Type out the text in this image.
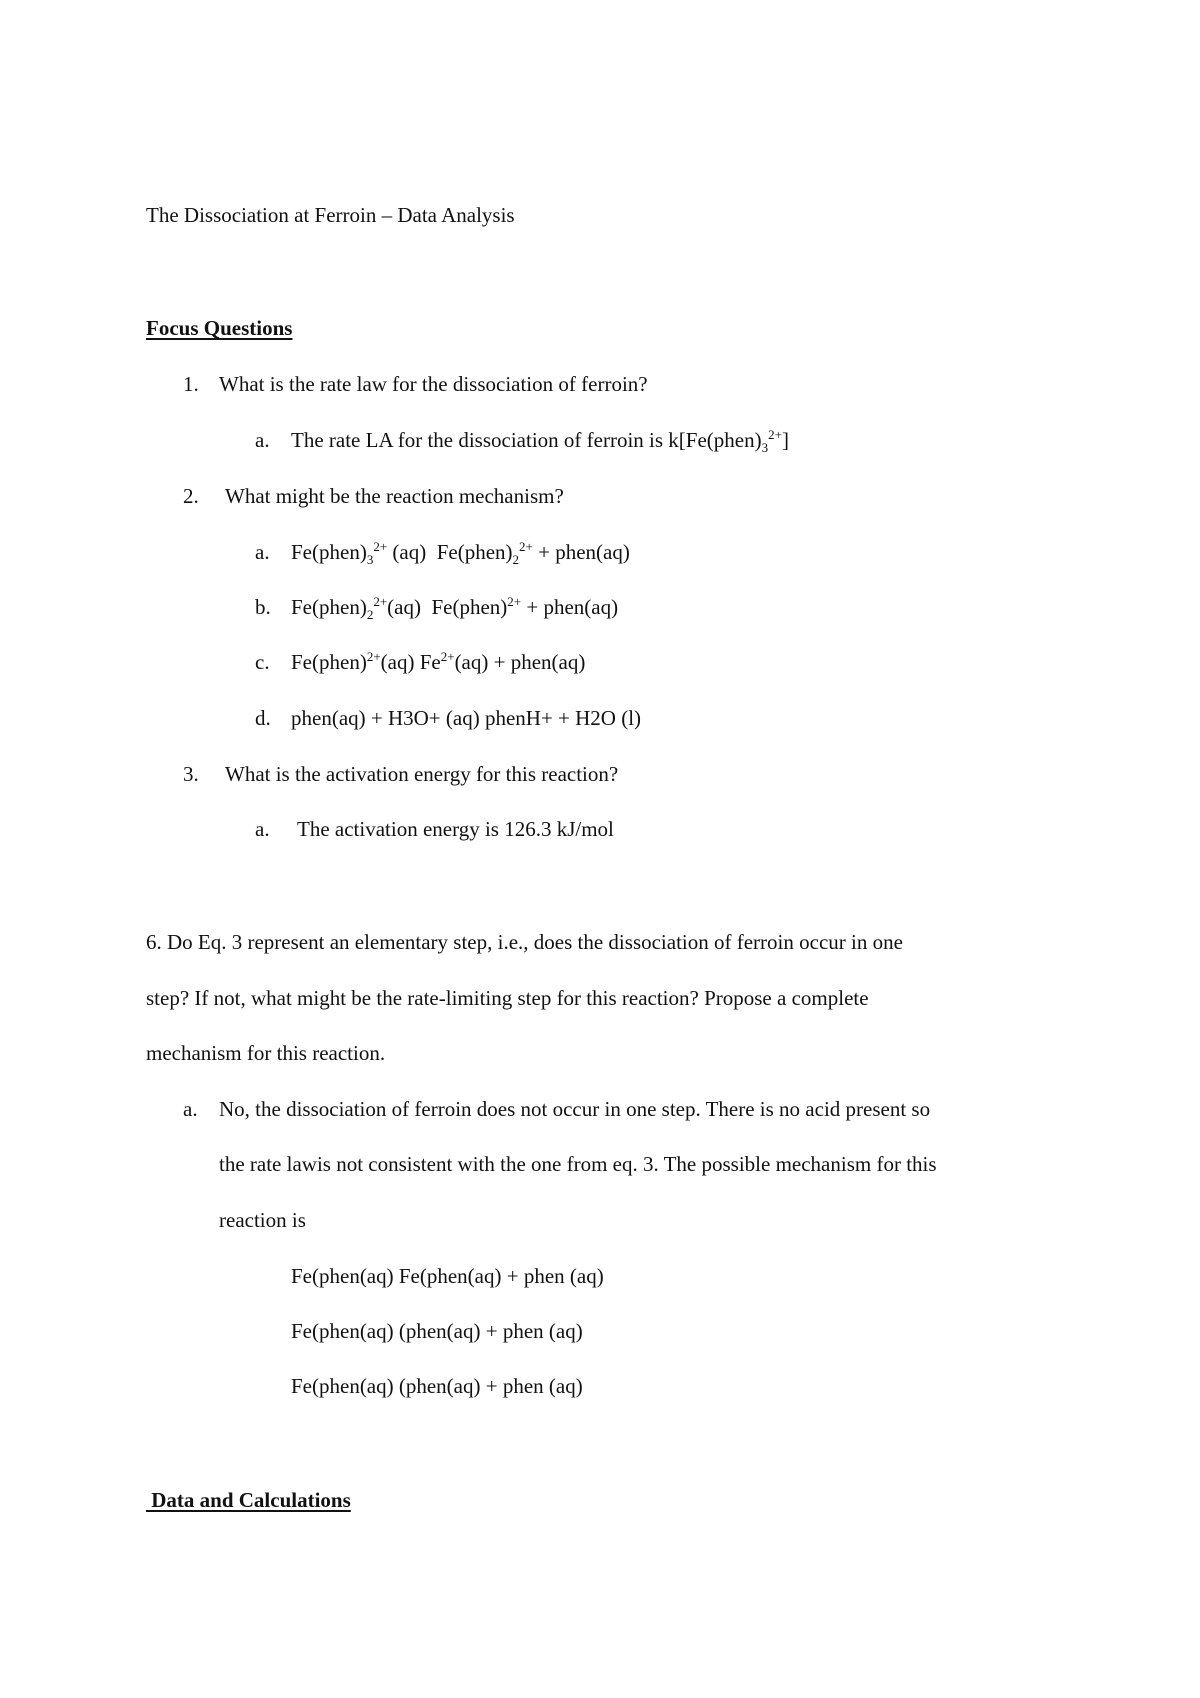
The Dissociation at Ferroin – Data Analysis
Focus Questions
1. What is the rate law for the dissociation of ferroin?
a. The rate LA for the dissociation of ferroin is $k[Fe(phen)_3^{2+}]$
2. What might be the reaction mechanism?
a. $Fe(phen)_3^{2+}$ (aq) $Fe(phen)_2^{2+}$ + phen(aq)
b. $Fe(phen)_2^{2+}(aq)$ Fe(phen)$^{2+}$ + phen(aq)
c. Fe(phen)$^{2+}$(aq) $Fe^{2+}(aq)$ + phen(aq)
d. phen(aq) + H3O+ (aq) phenH+ + H2O (l)
3. What is the activation energy for this reaction?
a. The activation energy is 126.3 kJ/mol
6. Do Eq. 3 represent an elementary step, i.e., does the dissociation of ferroin occur in one
step? If not, what might be the rate-limiting step for this reaction? Propose a complete
mechanism for this reaction.
a. No, the dissociation of ferroin does not occur in one step. There is no acid present so
the rate lawis not consistent with the one from eq. 3. The possible mechanism for this
reaction is
Fe(phen(aq) Fe(phen(aq) + phen (aq)
Fe(phen(aq) (phen(aq) + phen (aq)
Fe(phen(aq) (phen(aq) + phen (aq)
Data and Calculations
